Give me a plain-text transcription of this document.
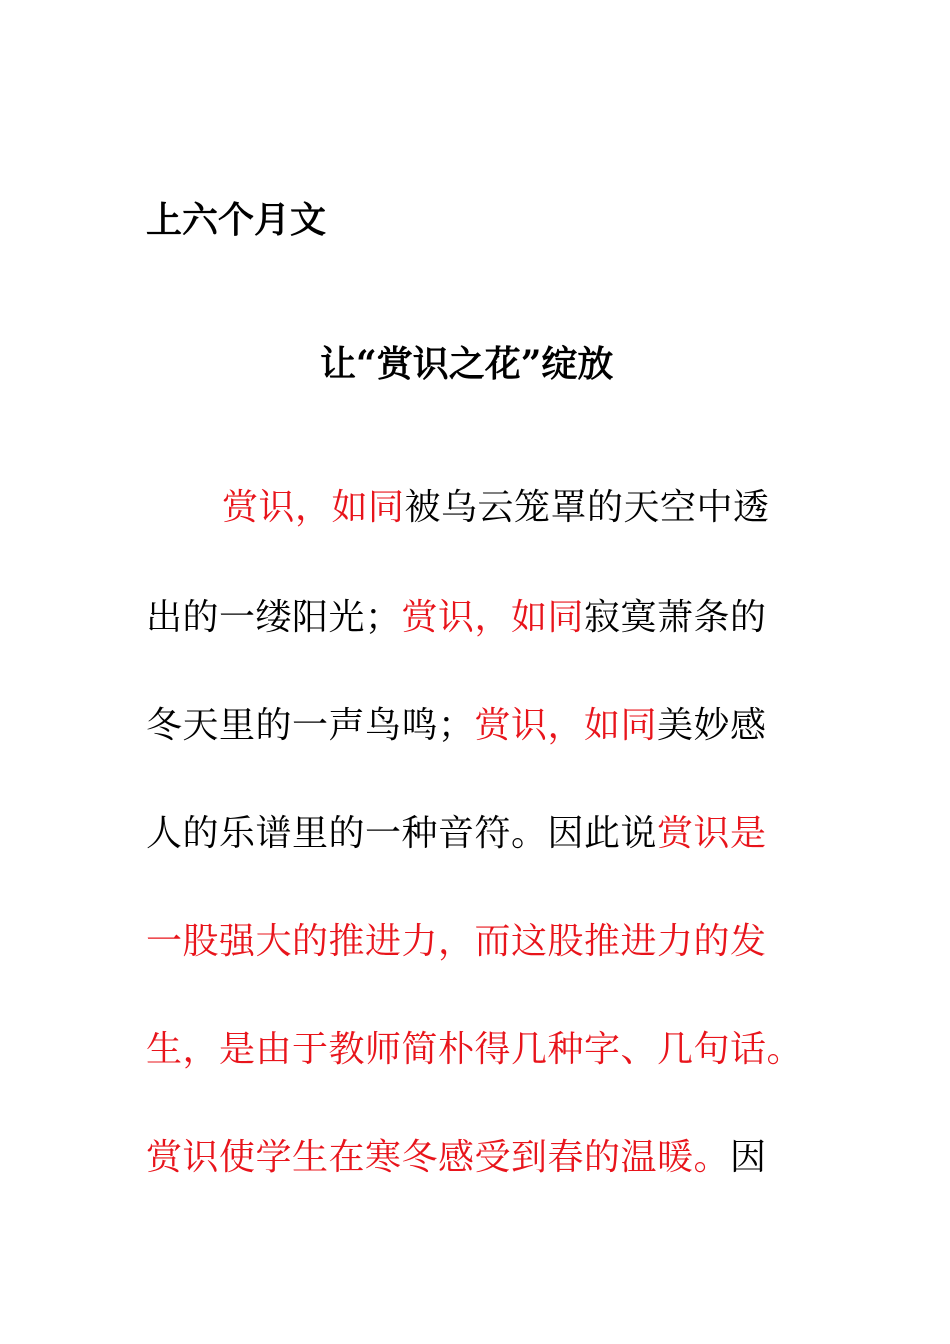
上六个月文

让“赏识之花”绽放

赏识，如同被乌云笼罩的天空中透

出的一缕阳光；赏识，如同寂寞萧条的

冬天里的一声鸟鸣；赏识，如同美妙感

人的乐谱里的一种音符。因此说赏识是

一股强大的推进力，而这股推进力的发

生，是由于教师简朴得几种字、几句话。

赏识使学生在寒冬感受到春的温暖。因
